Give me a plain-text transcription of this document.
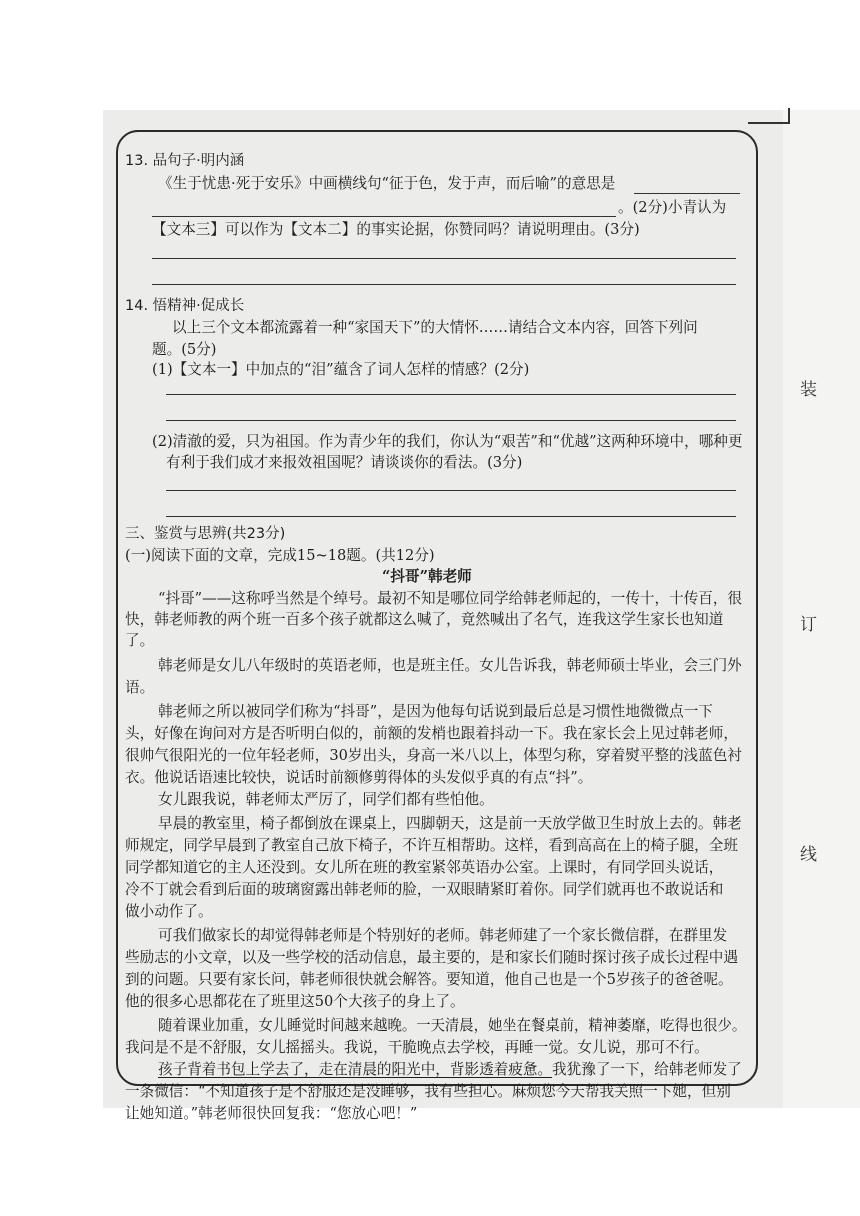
装
订
线
13. 品句子·明内涵
《生于忧患·死于安乐》中画横线句“征于色，发于声，而后喻”的意思是
。(2分)小青认为
【文本三】可以作为【文本二】的事实论据，你赞同吗？请说明理由。(3分)
14. 悟精神·促成长
以上三个文本都流露着一种“家国天下”的大情怀……请结合文本内容，回答下列问
题。(5分)
(1)【文本一】中加点的“泪”蕴含了词人怎样的情感？(2分)
(2)清澈的爱，只为祖国。作为青少年的我们，你认为“艰苦”和“优越”这两种环境中，哪种更
有利于我们成才来报效祖国呢？请谈谈你的看法。(3分)
三、鉴赏与思辨(共23分)
(一)阅读下面的文章，完成15~18题。(共12分)
“抖哥”韩老师
“抖哥”——这称呼当然是个绰号。最初不知是哪位同学给韩老师起的，一传十，十传百，很
快，韩老师教的两个班一百多个孩子就都这么喊了，竟然喊出了名气，连我这学生家长也知道
了。
韩老师是女儿八年级时的英语老师，也是班主任。女儿告诉我，韩老师硕士毕业，会三门外
语。
韩老师之所以被同学们称为“抖哥”，是因为他每句话说到最后总是习惯性地微微点一下
头，好像在询问对方是否听明白似的，前额的发梢也跟着抖动一下。我在家长会上见过韩老师，
很帅气很阳光的一位年轻老师，30岁出头，身高一米八以上，体型匀称，穿着熨平整的浅蓝色衬
衣。他说话语速比较快，说话时前额修剪得体的头发似乎真的有点“抖”。
女儿跟我说，韩老师太严厉了，同学们都有些怕他。
早晨的教室里，椅子都倒放在课桌上，四脚朝天，这是前一天放学做卫生时放上去的。韩老
师规定，同学早晨到了教室自己放下椅子，不许互相帮助。这样，看到高高在上的椅子腿，全班
同学都知道它的主人还没到。女儿所在班的教室紧邻英语办公室。上课时，有同学回头说话，
冷不丁就会看到后面的玻璃窗露出韩老师的脸，一双眼睛紧盯着你。同学们就再也不敢说话和
做小动作了。
可我们做家长的却觉得韩老师是个特别好的老师。韩老师建了一个家长微信群，在群里发
些励志的小文章，以及一些学校的活动信息，最主要的，是和家长们随时探讨孩子成长过程中遇
到的问题。只要有家长问，韩老师很快就会解答。要知道，他自己也是一个5岁孩子的爸爸呢。
他的很多心思都花在了班里这50个大孩子的身上了。
随着课业加重，女儿睡觉时间越来越晚。一天清晨，她坐在餐桌前，精神萎靡，吃得也很少。
我问是不是不舒服，女儿摇摇头。我说，干脆晚点去学校，再睡一觉。女儿说，那可不行。
孩子背着书包上学去了，走在清晨的阳光中，背影透着疲惫。我犹豫了一下，给韩老师发了
一条微信：“不知道孩子是不舒服还是没睡够，我有些担心。麻烦您今天帮我关照一下她，但别
让她知道。”韩老师很快回复我：“您放心吧！”
